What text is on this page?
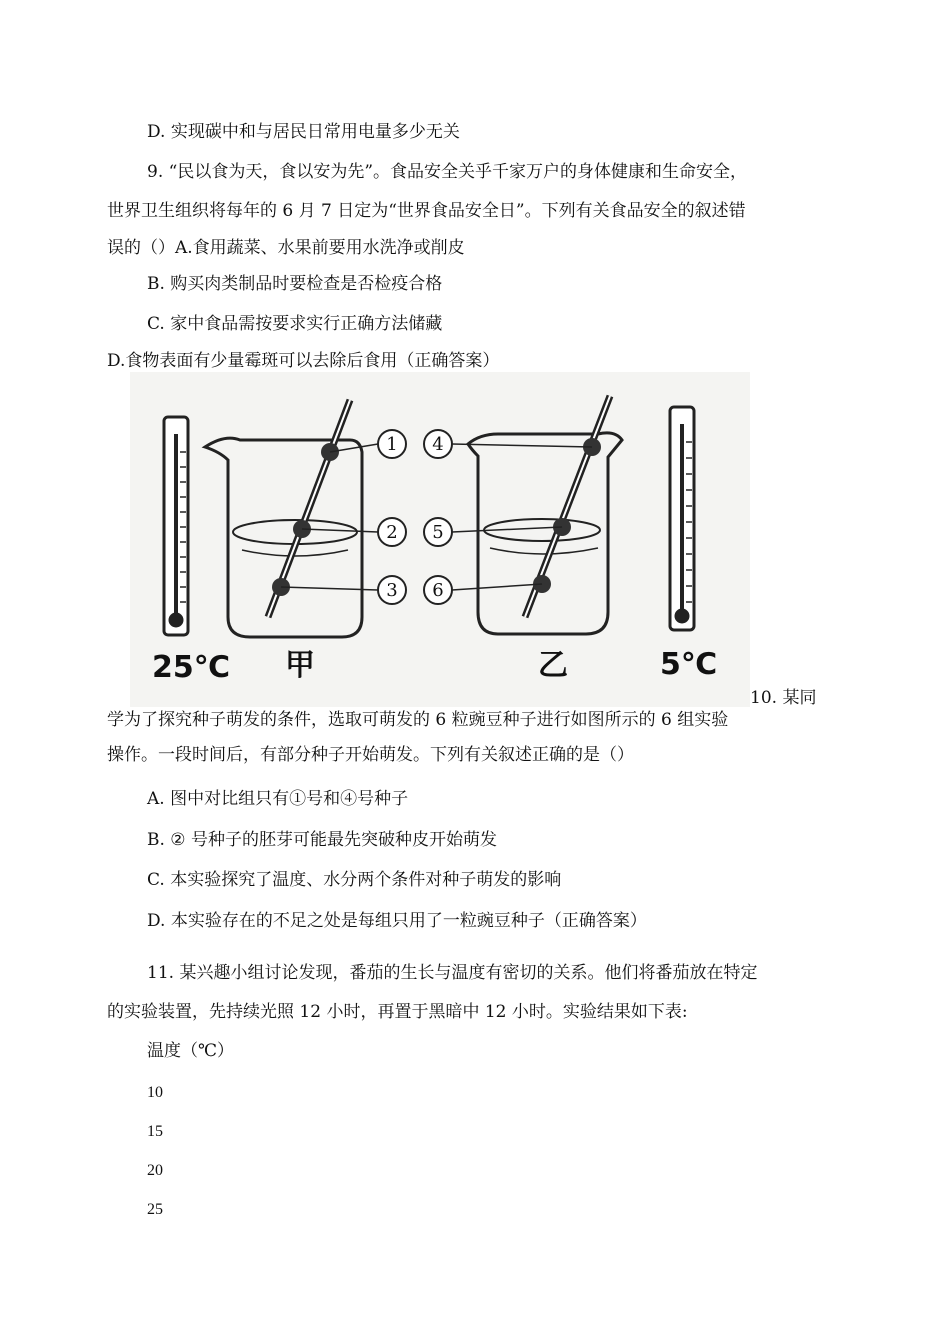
D. 实现碳中和与居民日常用电量多少无关
9. “民以食为天，食以安为先”。食品安全关乎千家万户的身体健康和生命安全，
世界卫生组织将每年的 6 月 7 日定为“世界食品安全日”。下列有关食品安全的叙述错
误的（）A.食用蔬菜、水果前要用水洗净或削皮
B. 购买肉类制品时要检查是否检疫合格
C. 家中食品需按要求实行正确方法储藏
D.食物表面有少量霉斑可以去除后食用（正确答案）
1
2
3
4
5
6
25℃ 甲	乙	5℃
10. 某同
学为了探究种子萌发的条件，选取可萌发的 6 粒豌豆种子进行如图所示的 6 组实验
操作。一段时间后，有部分种子开始萌发。下列有关叙述正确的是（）
A. 图中对比组只有①号和④号种子
B. ② 号种子的胚芽可能最先突破种皮开始萌发
C. 本实验探究了温度、水分两个条件对种子萌发的影响
D. 本实验存在的不足之处是每组只用了一粒豌豆种子（正确答案）
11. 某兴趣小组讨论发现，番茄的生长与温度有密切的关系。他们将番茄放在特定
的实验装置，先持续光照 12 小时，再置于黑暗中 12 小时。实验结果如下表:
温度（℃）
10
15
20
25
